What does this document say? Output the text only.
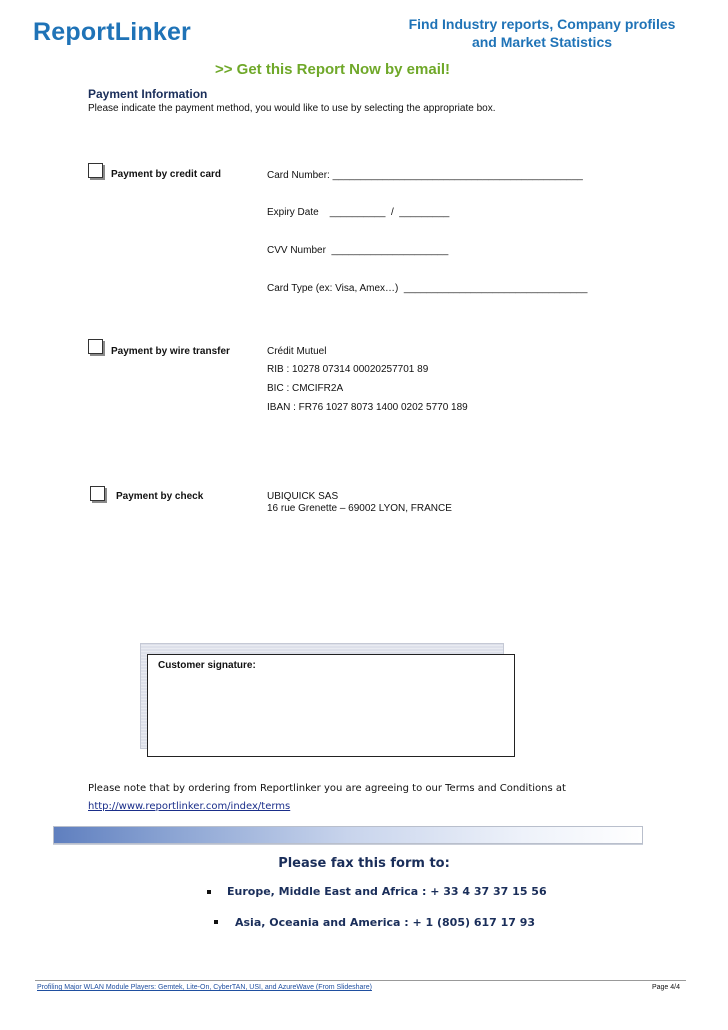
ReportLinker	Find Industry reports, Company profiles
and Market Statistics
>> Get this Report Now by email!
Payment Information
Please indicate the payment method, you would like to use by selecting the appropriate box.
Payment by credit card	Card Number: _____________________________________________
Expiry Date    __________  /  _________
CVV Number  _____________________
Card Type (ex: Visa, Amex…)  _________________________________
Payment by wire transfer	Crédit Mutuel
RIB : 10278 07314 00020257701 89
BIC : CMCIFR2A
IBAN : FR76 1027 8073 1400 0202 5770 189
Payment by check	UBIQUICK SAS
16 rue Grenette – 69002 LYON, FRANCE
Customer signature:
Please note that by ordering from Reportlinker you are agreeing to our Terms and Conditions at
http://www.reportlinker.com/index/terms
Please fax this form to:
Europe, Middle East and Africa : + 33 4 37 37 15 56
Asia, Oceania and America : + 1 (805) 617 17 93
Profiling Major WLAN Module Players: Gemtek, Lite-On, CyberTAN, USI, and AzureWave (From Slideshare)	Page 4/4
